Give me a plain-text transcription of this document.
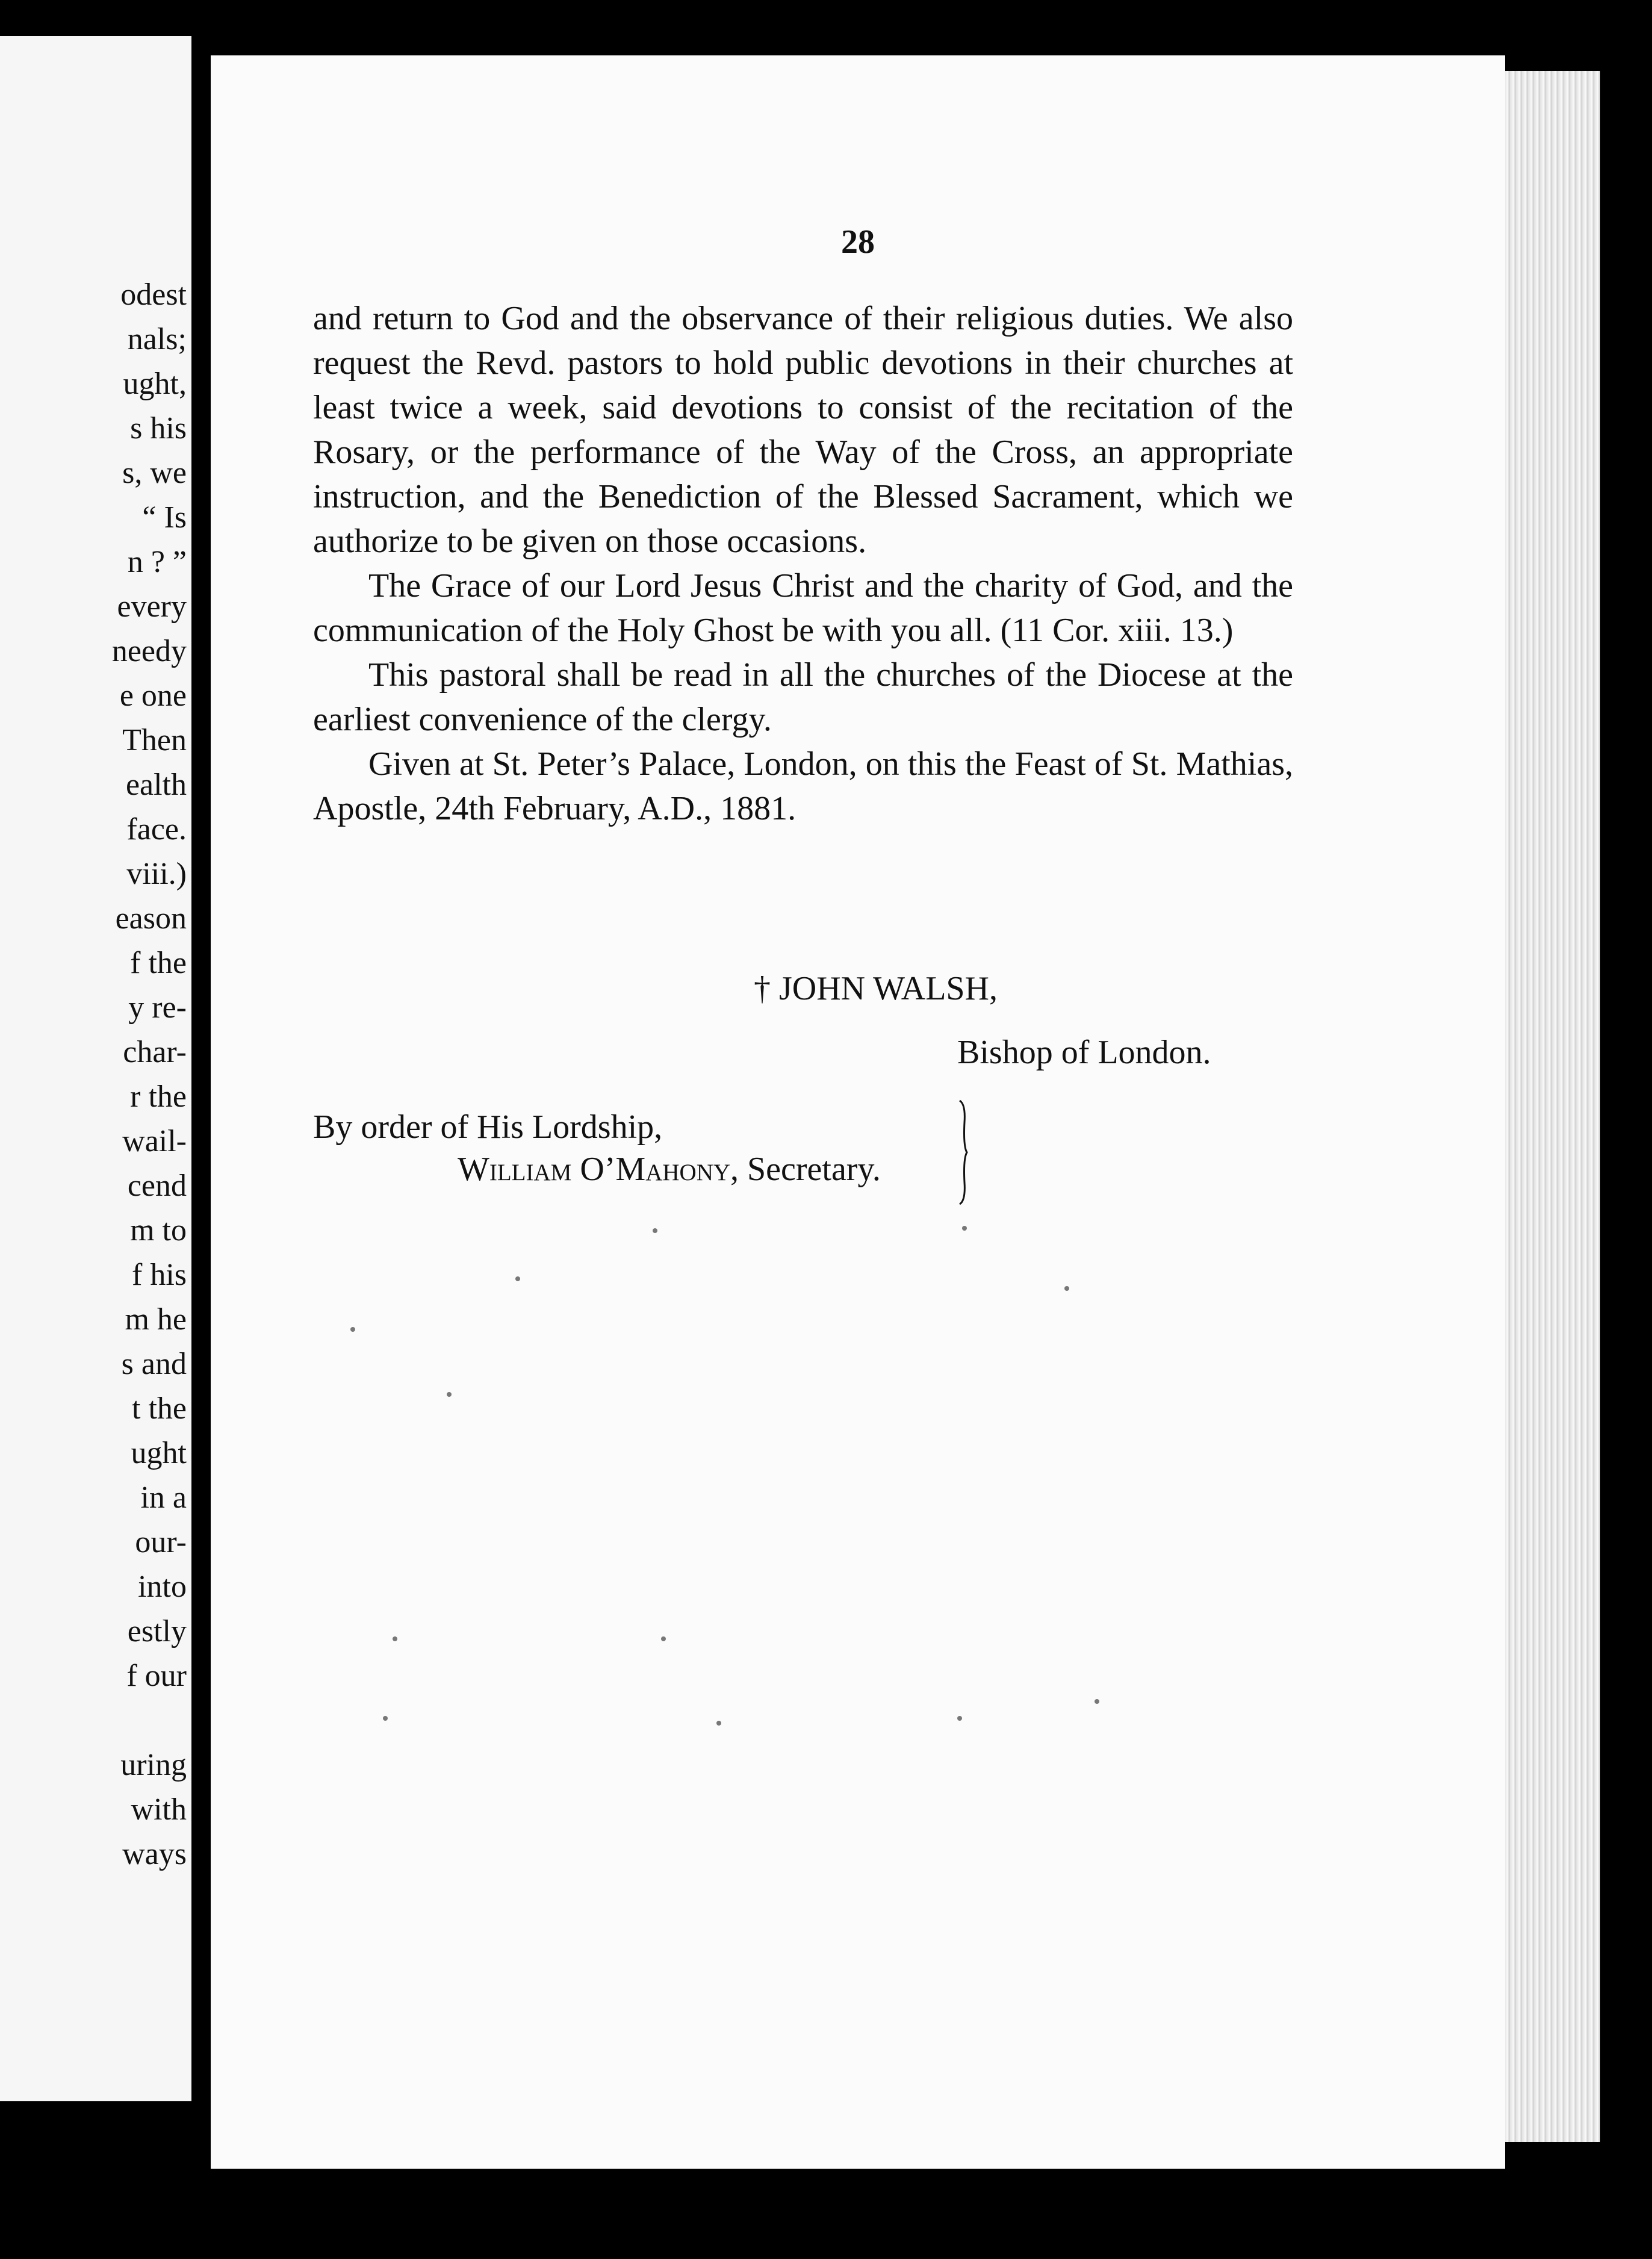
odest
nals;
ught,
s his
s, we
“ Is
n ? ”
every
needy
e one
Then
ealth
face.
viii.)
eason
f the
y re-
char-
r the
wail-
cend
m to
f his
m he
s and
t the
ught
in a
our-
into
estly
f our
uring
with
ways
28

and return to God and the observance of their religious duties. We also request the Revd. pastors to hold public devotions in their churches at least twice a week, said devotions to consist of the recitation of the Rosary, or the performance of the Way of the Cross, an appropriate instruction, and the Benediction of the Blessed Sacrament, which we authorize to be given on those occasions.

The Grace of our Lord Jesus Christ and the charity of God, and the communication of the Holy Ghost be with you all. (11 Cor. xiii. 13.)

This pastoral shall be read in all the churches of the Diocese at the earliest convenience of the clergy.

Given at St. Peter’s Palace, London, on this the Feast of St. Mathias, Apostle, 24th February, A.D., 1881.

† JOHN WALSH,
Bishop of London.
By order of His Lordship,
William O’Mahony, Secretary.
